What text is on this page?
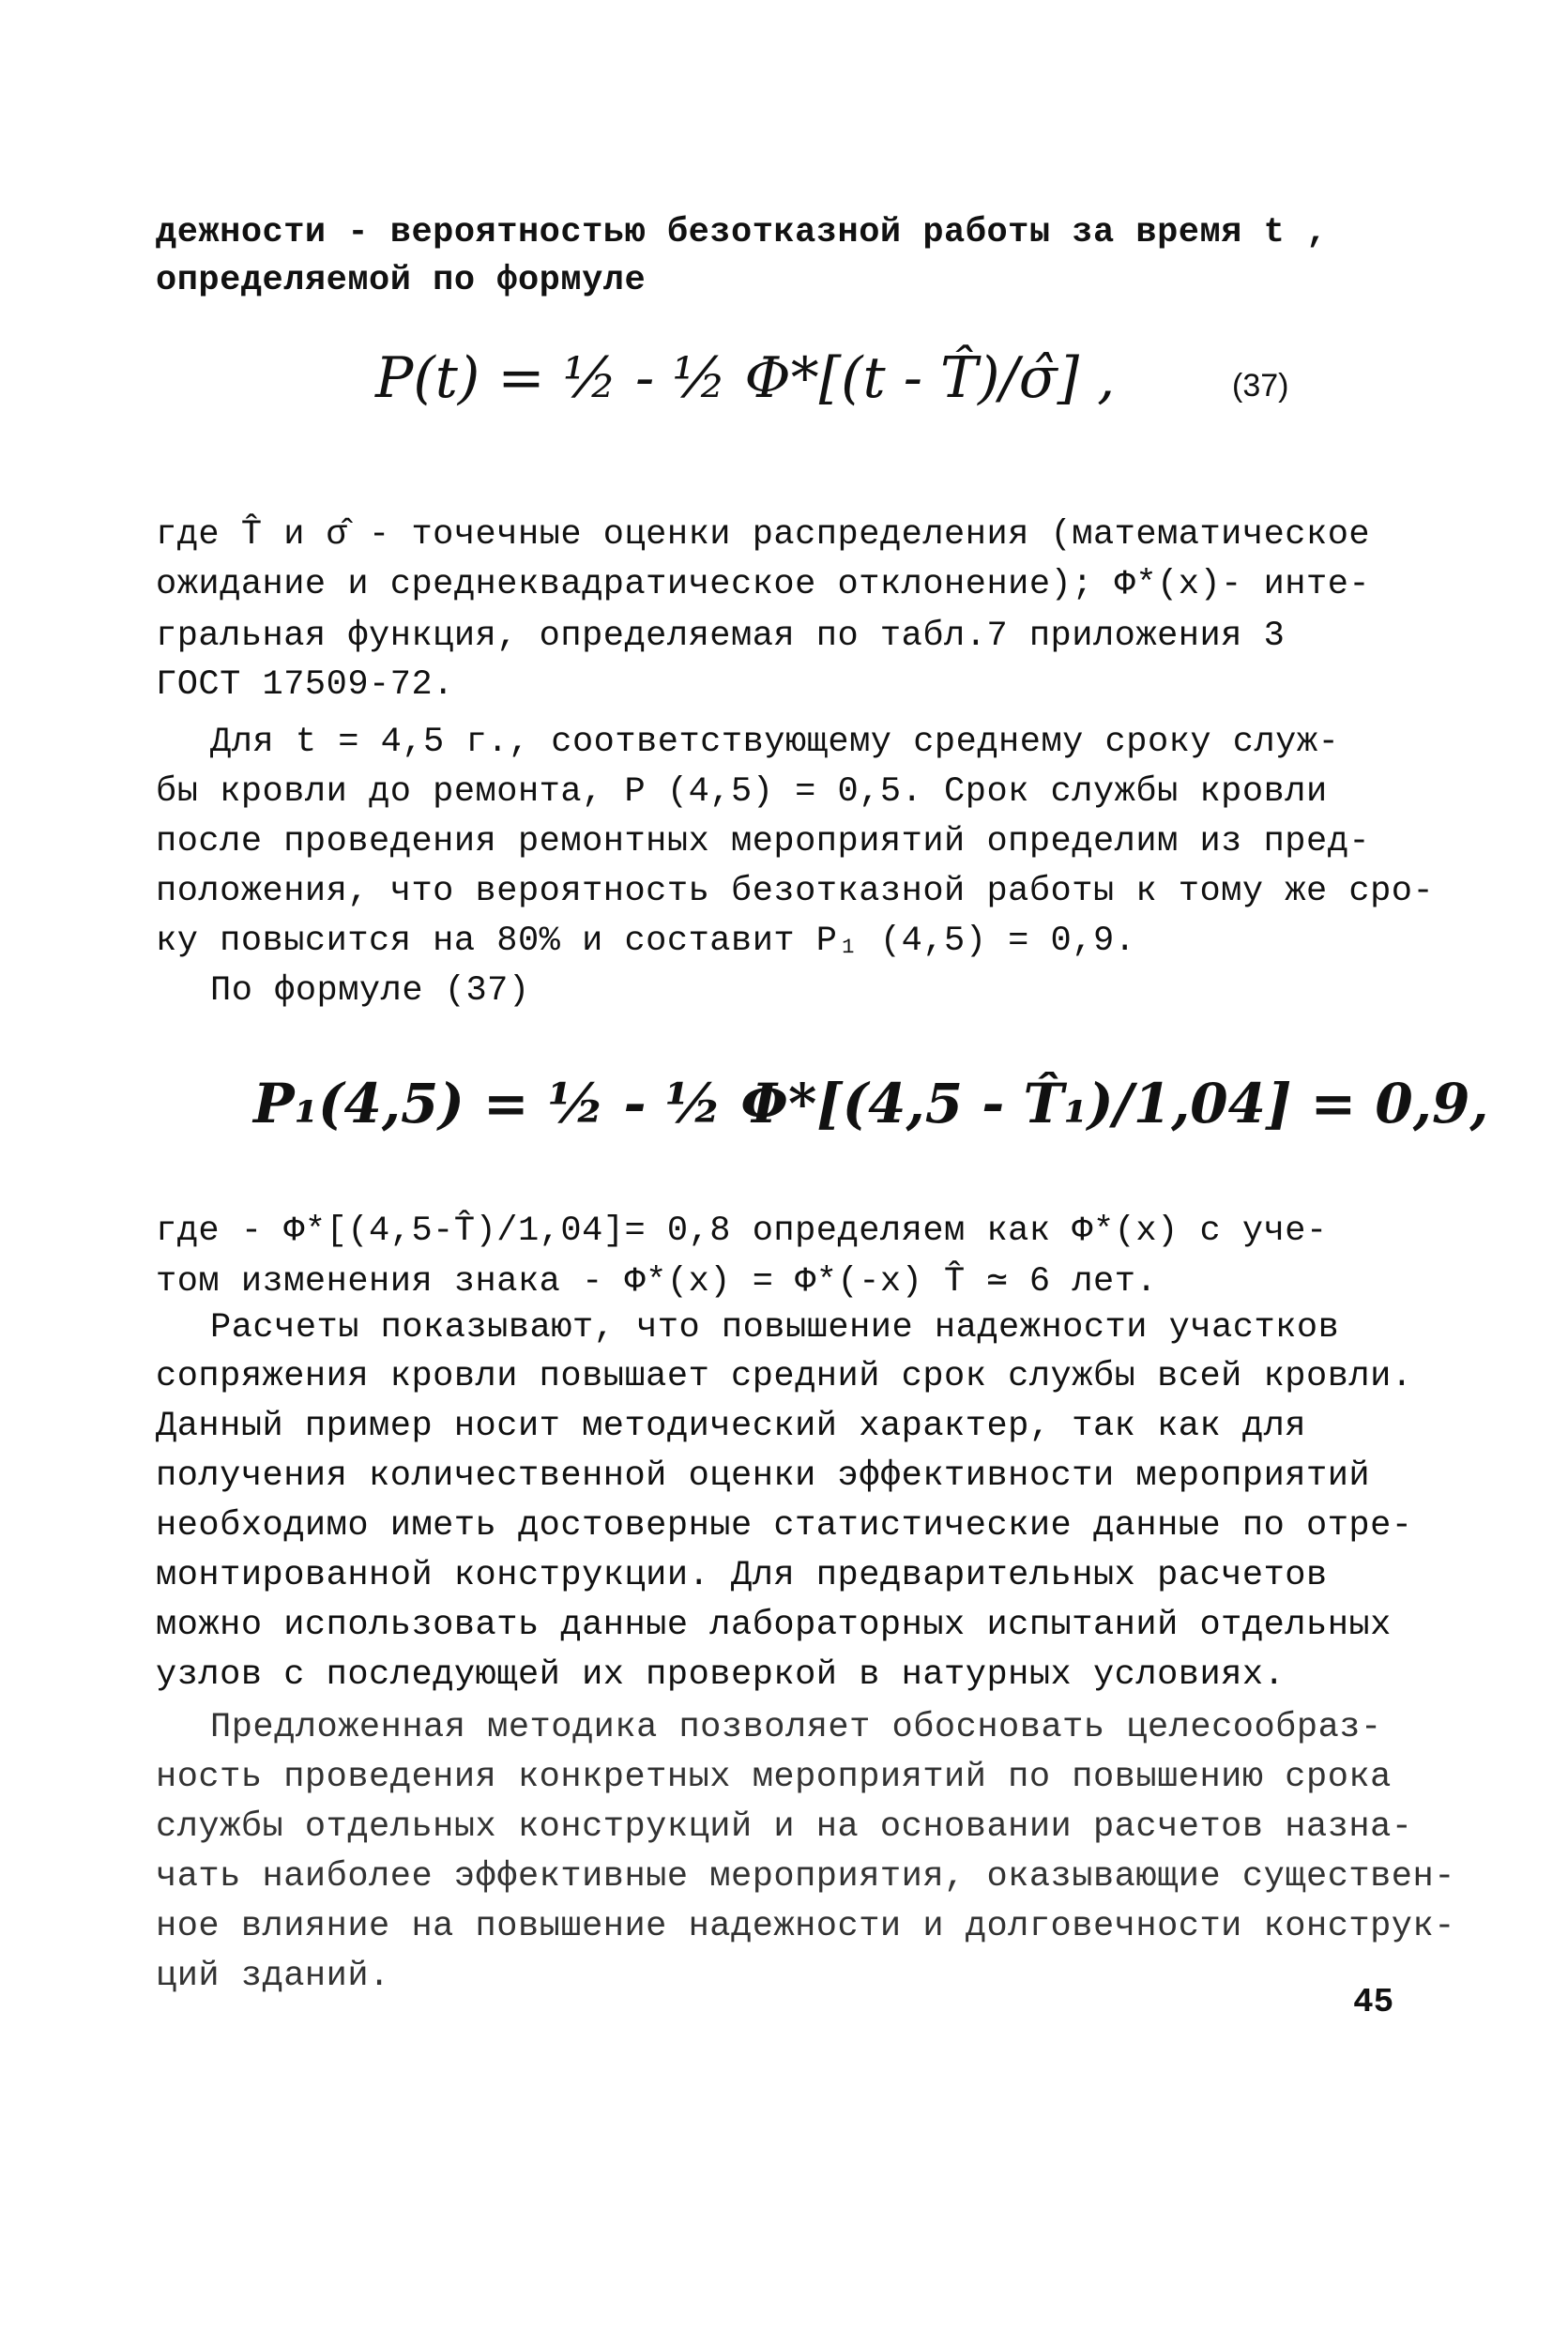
дежности - вероятностью безотказной работы за время t ,
определяемой по формуле
P(t) = ½ - ½ Φ*[(t - T̂)/σ̂] ,	(37)
где T̂ и σ̂ - точечные оценки распределения (математическое
ожидание и среднеквадратическое отклонение); Φ*(x)- инте-
гральная функция, определяемая по табл.7 приложения 3
ГОСТ 17509-72.
Для t = 4,5 г., соответствующему среднему сроку служ-
бы кровли до ремонта, P (4,5) = 0,5. Срок службы кровли
после проведения ремонтных мероприятий определим из пред-
положения, что вероятность безотказной работы к тому же сро-
ку повысится на 80% и составит P₁ (4,5) = 0,9.
По формуле (37)
P₁(4,5) = ½ - ½ Φ*[(4,5 - T̂₁)/1,04] = 0,9,
где - Φ*[(4,5-T̂)/1,04]= 0,8 определяем как Φ*(x) с уче-
том изменения знака - Φ*(x) = Φ*(-x) T̂ ≃ 6 лет.
Расчеты показывают, что повышение надежности участков
сопряжения кровли повышает средний срок службы всей кровли.
Данный пример носит методический характер, так как для
получения количественной оценки эффективности мероприятий
необходимо иметь достоверные статистические данные по отре-
монтированной конструкции. Для предварительных расчетов
можно использовать данные лабораторных испытаний отдельных
узлов с последующей их проверкой в натурных условиях.
Предложенная методика позволяет обосновать целесообраз-
ность проведения конкретных мероприятий по повышению срока
службы отдельных конструкций и на основании расчетов назна-
чать наиболее эффективные мероприятия, оказывающие существен-
ное влияние на повышение надежности и долговечности конструк-
ций зданий.
45
